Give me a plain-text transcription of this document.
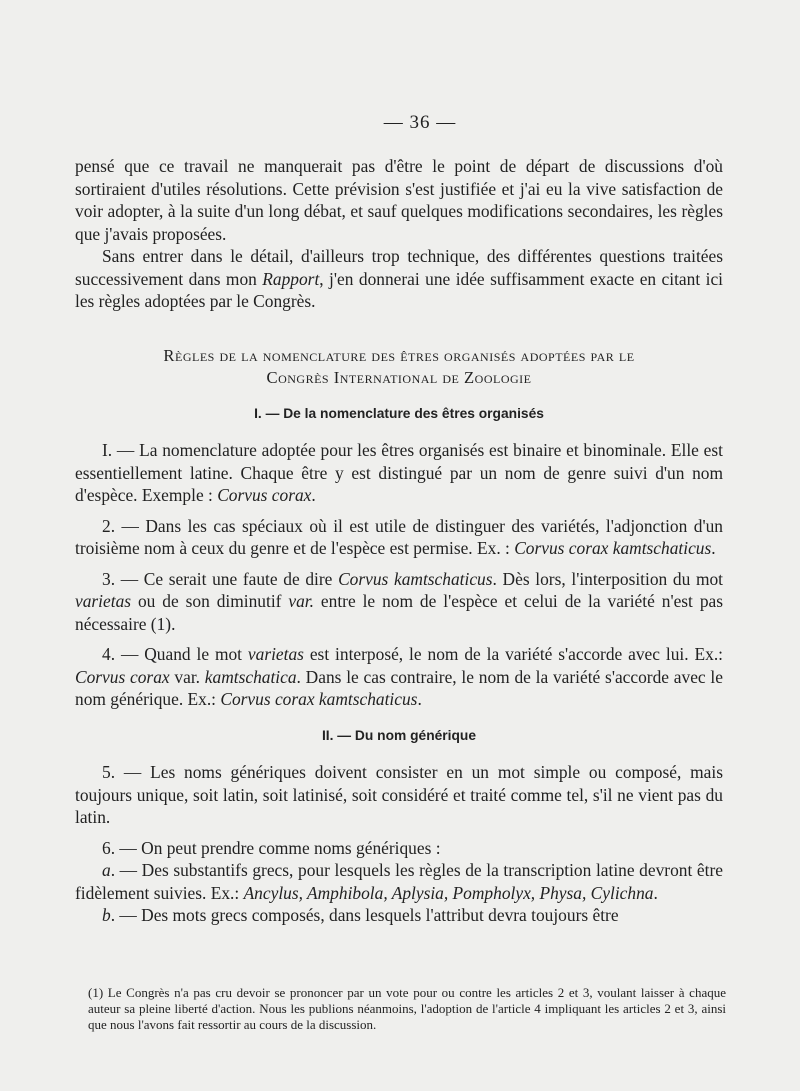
— 36 —

pensé que ce travail ne manquerait pas d'être le point de départ de discussions d'où sortiraient d'utiles résolutions. Cette prévision s'est justifiée et j'ai eu la vive satisfaction de voir adopter, à la suite d'un long débat, et sauf quelques modifications secondaires, les règles que j'avais proposées.

Sans entrer dans le détail, d'ailleurs trop technique, des différentes questions traitées successivement dans mon Rapport, j'en donnerai une idée suffisamment exacte en citant ici les règles adoptées par le Congrès.

Règles de la nomenclature des êtres organisés adoptées par le
Congrès International de Zoologie

I. — De la nomenclature des êtres organisés

I. — La nomenclature adoptée pour les êtres organisés est binaire et binominale. Elle est essentiellement latine. Chaque être y est distingué par un nom de genre suivi d'un nom d'espèce. Exemple : Corvus corax.

2. — Dans les cas spéciaux où il est utile de distinguer des variétés, l'adjonction d'un troisième nom à ceux du genre et de l'espèce est permise. Ex. : Corvus corax kamtschaticus.

3. — Ce serait une faute de dire Corvus kamtschaticus. Dès lors, l'interposition du mot varietas ou de son diminutif var. entre le nom de l'espèce et celui de la variété n'est pas nécessaire (1).

4. — Quand le mot varietas est interposé, le nom de la variété s'accorde avec lui. Ex.: Corvus corax var. kamtschatica. Dans le cas contraire, le nom de la variété s'accorde avec le nom générique. Ex.: Corvus corax kamtschaticus.

II. — Du nom générique

5. — Les noms génériques doivent consister en un mot simple ou composé, mais toujours unique, soit latin, soit latinisé, soit considéré et traité comme tel, s'il ne vient pas du latin.

6. — On peut prendre comme noms génériques :

a. — Des substantifs grecs, pour lesquels les règles de la transcription latine devront être fidèlement suivies. Ex.: Ancylus, Amphibola, Aplysia, Pompholyx, Physa, Cylichna.

b. — Des mots grecs composés, dans lesquels l'attribut devra toujours être

(1) Le Congrès n'a pas cru devoir se prononcer par un vote pour ou contre les articles 2 et 3, voulant laisser à chaque auteur sa pleine liberté d'action. Nous les publions néanmoins, l'adoption de l'article 4 impliquant les articles 2 et 3, ainsi que nous l'avons fait ressortir au cours de la discussion.
